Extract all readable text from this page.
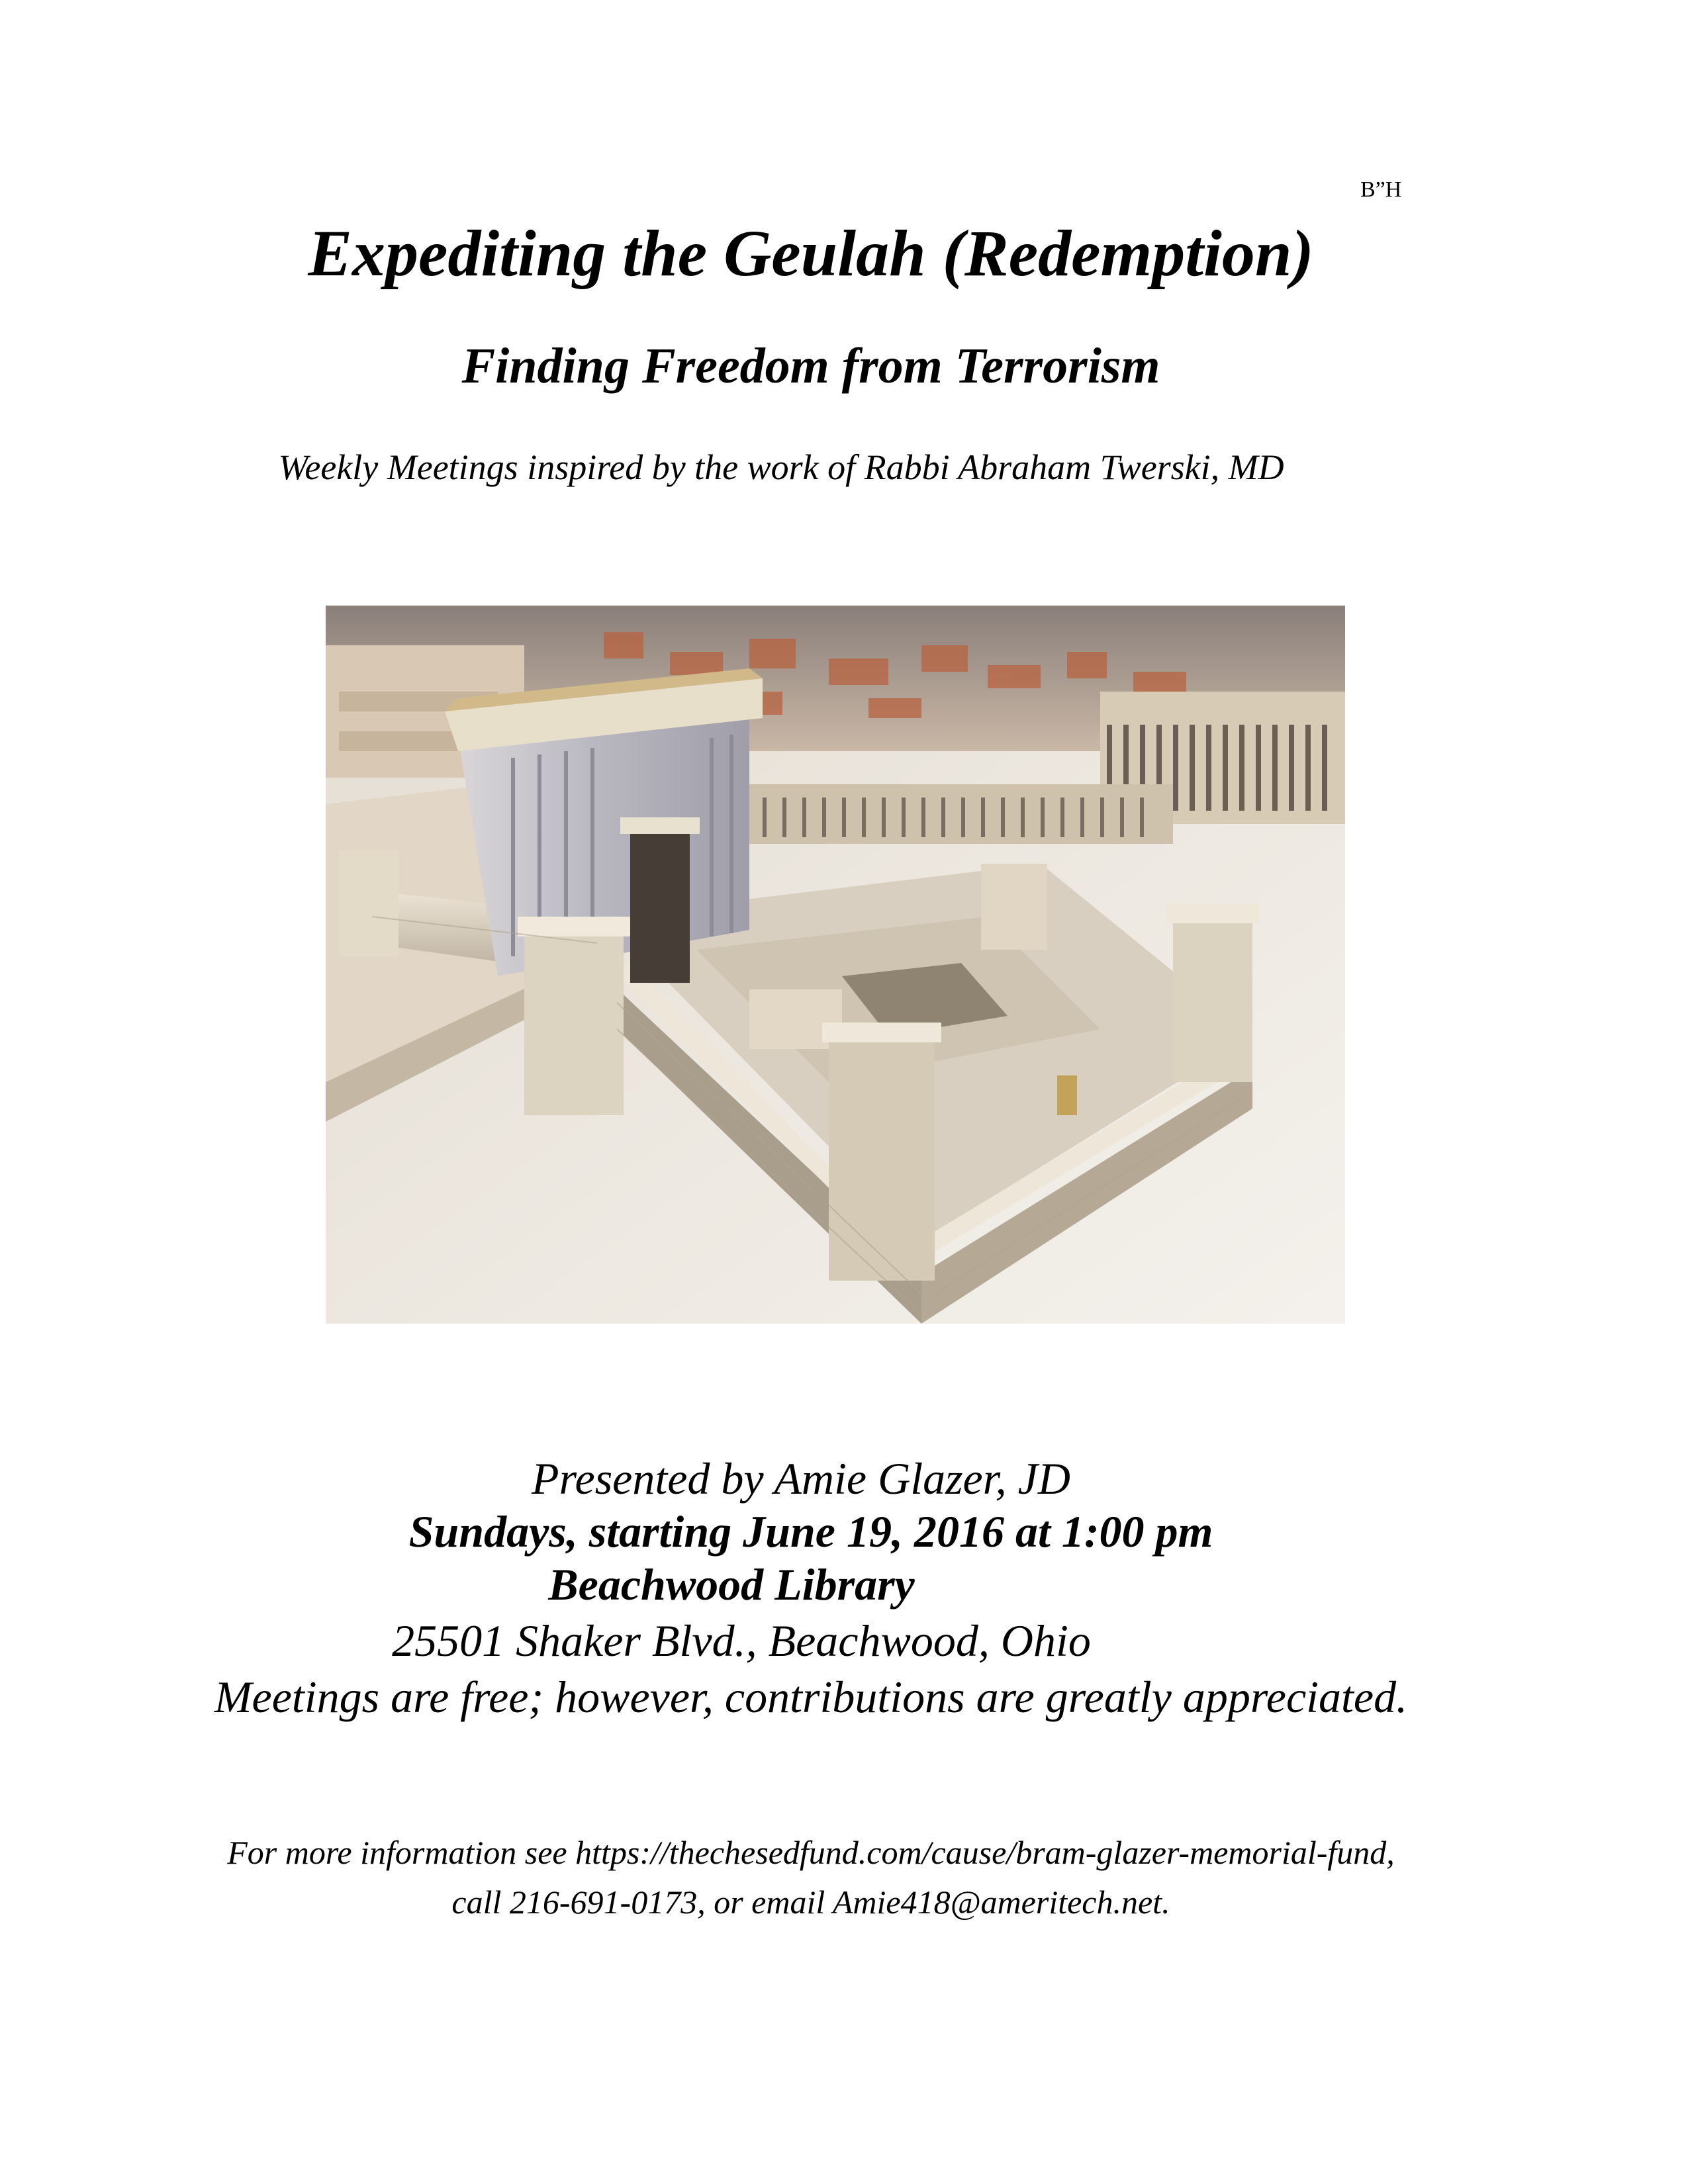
B”H
Expediting the Geulah (Redemption)
Finding Freedom from Terrorism
Weekly Meetings inspired by the work of Rabbi Abraham Twerski, MD
Presented by Amie Glazer, JD
Sundays, starting June 19, 2016 at 1:00 pm
Beachwood Library
25501 Shaker Blvd., Beachwood, Ohio
Meetings are free; however, contributions are greatly appreciated.
For more information see https://thechesedfund.com/cause/bram-glazer-memorial-fund,
call 216-691-0173, or email Amie418@ameritech.net.
